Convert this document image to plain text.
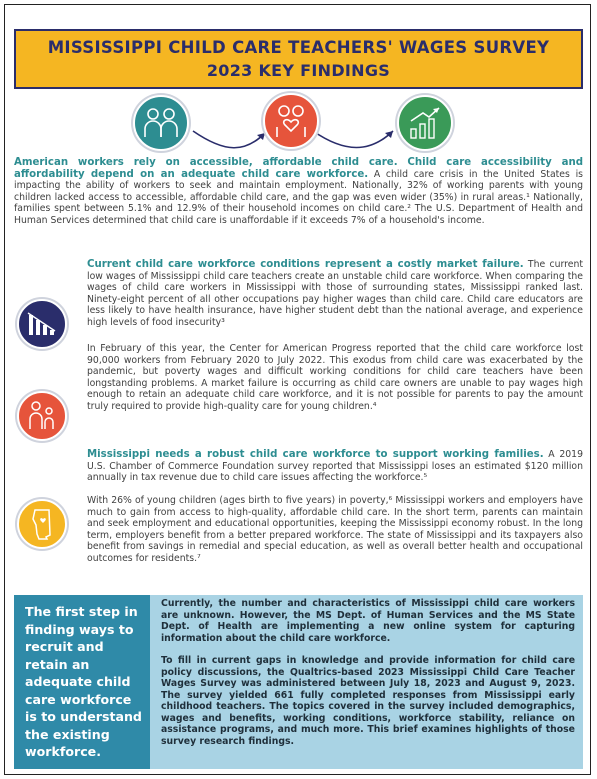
MISSISSIPPI CHILD CARE TEACHERS' WAGES SURVEY
2023 KEY FINDINGS
American workers rely on accessible, affordable child care. Child care accessibility and affordability depend on an adequate child care workforce. A child care crisis in the United States is impacting the ability of workers to seek and maintain employment. Nationally, 32% of working parents with young children lacked access to accessible, affordable child care, and the gap was even wider (35%) in rural areas.¹ Nationally, families spent between 5.1% and 12.9% of their household incomes on child care.² The U.S. Department of Health and Human Services determined that child care is unaffordable if it exceeds 7% of a household's income.
Current child care workforce conditions represent a costly market failure. The current low wages of Mississippi child care teachers create an unstable child care workforce. When comparing the wages of child care workers in Mississippi with those of surrounding states, Mississippi ranked last. Ninety-eight percent of all other occupations pay higher wages than child care. Child care educators are less likely to have health insurance, have higher student debt than the national average, and experience high levels of food insecurity³
In February of this year, the Center for American Progress reported that the child care workforce lost 90,000 workers from February 2020 to July 2022. This exodus from child care was exacerbated by the pandemic, but poverty wages and difficult working conditions for child care teachers have been longstanding problems. A market failure is occurring as child care owners are unable to pay wages high enough to retain an adequate child care workforce, and it is not possible for parents to pay the amount truly required to provide high-quality care for young children.⁴
Mississippi needs a robust child care workforce to support working families. A 2019 U.S. Chamber of Commerce Foundation survey reported that Mississippi loses an estimated $120 million annually in tax revenue due to child care issues affecting the workforce.⁵
With 26% of young children (ages birth to five years) in poverty,⁶ Mississippi workers and employers have much to gain from access to high-quality, affordable child care. In the short term, parents can maintain and seek employment and educational opportunities, keeping the Mississippi economy robust. In the long term, employers benefit from a better prepared workforce. The state of Mississippi and its taxpayers also benefit from savings in remedial and special education, as well as overall better health and occupational outcomes for residents.⁷
The first step in finding ways to recruit and retain an adequate child care workforce is to understand the existing workforce.
Currently, the number and characteristics of Mississippi child care workers are unknown. However, the MS Dept. of Human Services and the MS State Dept. of Health are implementing a new online system for capturing information about the child care workforce.
To fill in current gaps in knowledge and provide information for child care policy discussions, the Qualtrics-based 2023 Mississippi Child Care Teacher Wages Survey was administered between July 18, 2023 and August 9, 2023. The survey yielded 661 fully completed responses from Mississippi early childhood teachers. The topics covered in the survey included demographics, wages and benefits, working conditions, workforce stability, reliance on assistance programs, and much more. This brief examines highlights of those survey research findings.
